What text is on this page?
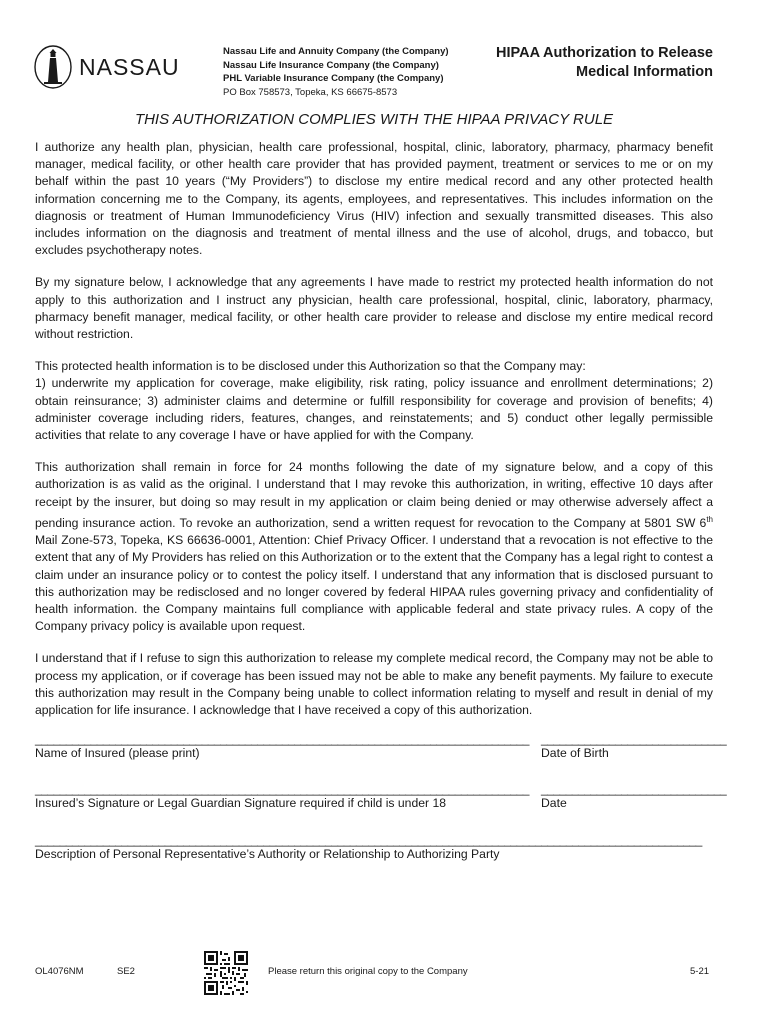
NASSAU
Nassau Life and Annuity Company (the Company)
Nassau Life Insurance Company (the Company)
PHL Variable Insurance Company (the Company)
PO Box 758573, Topeka, KS 66675-8573
HIPAA Authorization to Release
Medical Information
THIS AUTHORIZATION COMPLIES WITH THE HIPAA PRIVACY RULE

I authorize any health plan, physician, health care professional, hospital, clinic, laboratory, pharmacy, pharmacy benefit manager, medical facility, or other health care provider that has provided payment, treatment or services to me or on my behalf within the past 10 years (“My Providers”) to disclose my entire medical record and any other protected health information concerning me to the Company, its agents, employees, and representatives. This includes information on the diagnosis or treatment of Human Immunodeficiency Virus (HIV) infection and sexually transmitted diseases. This also includes information on the diagnosis and treatment of mental illness and the use of alcohol, drugs, and tobacco, but excludes psychotherapy notes.

By my signature below, I acknowledge that any agreements I have made to restrict my protected health information do not apply to this authorization and I instruct any physician, health care professional, hospital, clinic, laboratory, pharmacy, pharmacy benefit manager, medical facility, or other health care provider to release and disclose my entire medical record without restriction.

This protected health information is to be disclosed under this Authorization so that the Company may:
1) underwrite my application for coverage, make eligibility, risk rating, policy issuance and enrollment determinations; 2) obtain reinsurance; 3) administer claims and determine or fulfill responsibility for coverage and provision of benefits; 4) administer coverage including riders, features, changes, and reinstatements; and 5) conduct other legally permissible activities that relate to any coverage I have or have applied for with the Company.

This authorization shall remain in force for 24 months following the date of my signature below, and a copy of this authorization is as valid as the original. I understand that I may revoke this authorization, in writing, effective 10 days after receipt by the insurer, but doing so may result in my application or claim being denied or may otherwise adversely affect a pending insurance action. To revoke an authorization, send a written request for revocation to the Company at 5801 SW 6th Mail Zone-573, Topeka, KS 66636-0001, Attention: Chief Privacy Officer. I understand that a revocation is not effective to the extent that any of My Providers has relied on this Authorization or to the extent that the Company has a legal right to contest a claim under an insurance policy or to contest the policy itself. I understand that any information that is disclosed pursuant to this authorization may be redisclosed and no longer covered by federal HIPAA rules governing privacy and confidentiality of health information. the Company maintains full compliance with applicable federal and state privacy rules. A copy of the Company privacy policy is available upon request.

I understand that if I refuse to sign this authorization to release my complete medical record, the Company may not be able to process my application, or if coverage has been issued may not be able to make any benefit payments. My failure to execute this authorization may result in the Company being unable to collect information relating to myself and result in denial of my application for life insurance. I acknowledge that I have received a copy of this authorization.

________________________________________________________________________________
Name of Insured (please print)
______________________________
Date of Birth
________________________________________________________________________________
Insured’s Signature or Legal Guardian Signature required if child is under 18
______________________________
Date
____________________________________________________________________________________________________________
Description of Personal Representative’s Authority or Relationship to Authorizing Party
OL4076NM	SE2	Please return this original copy to the Company	5-21
